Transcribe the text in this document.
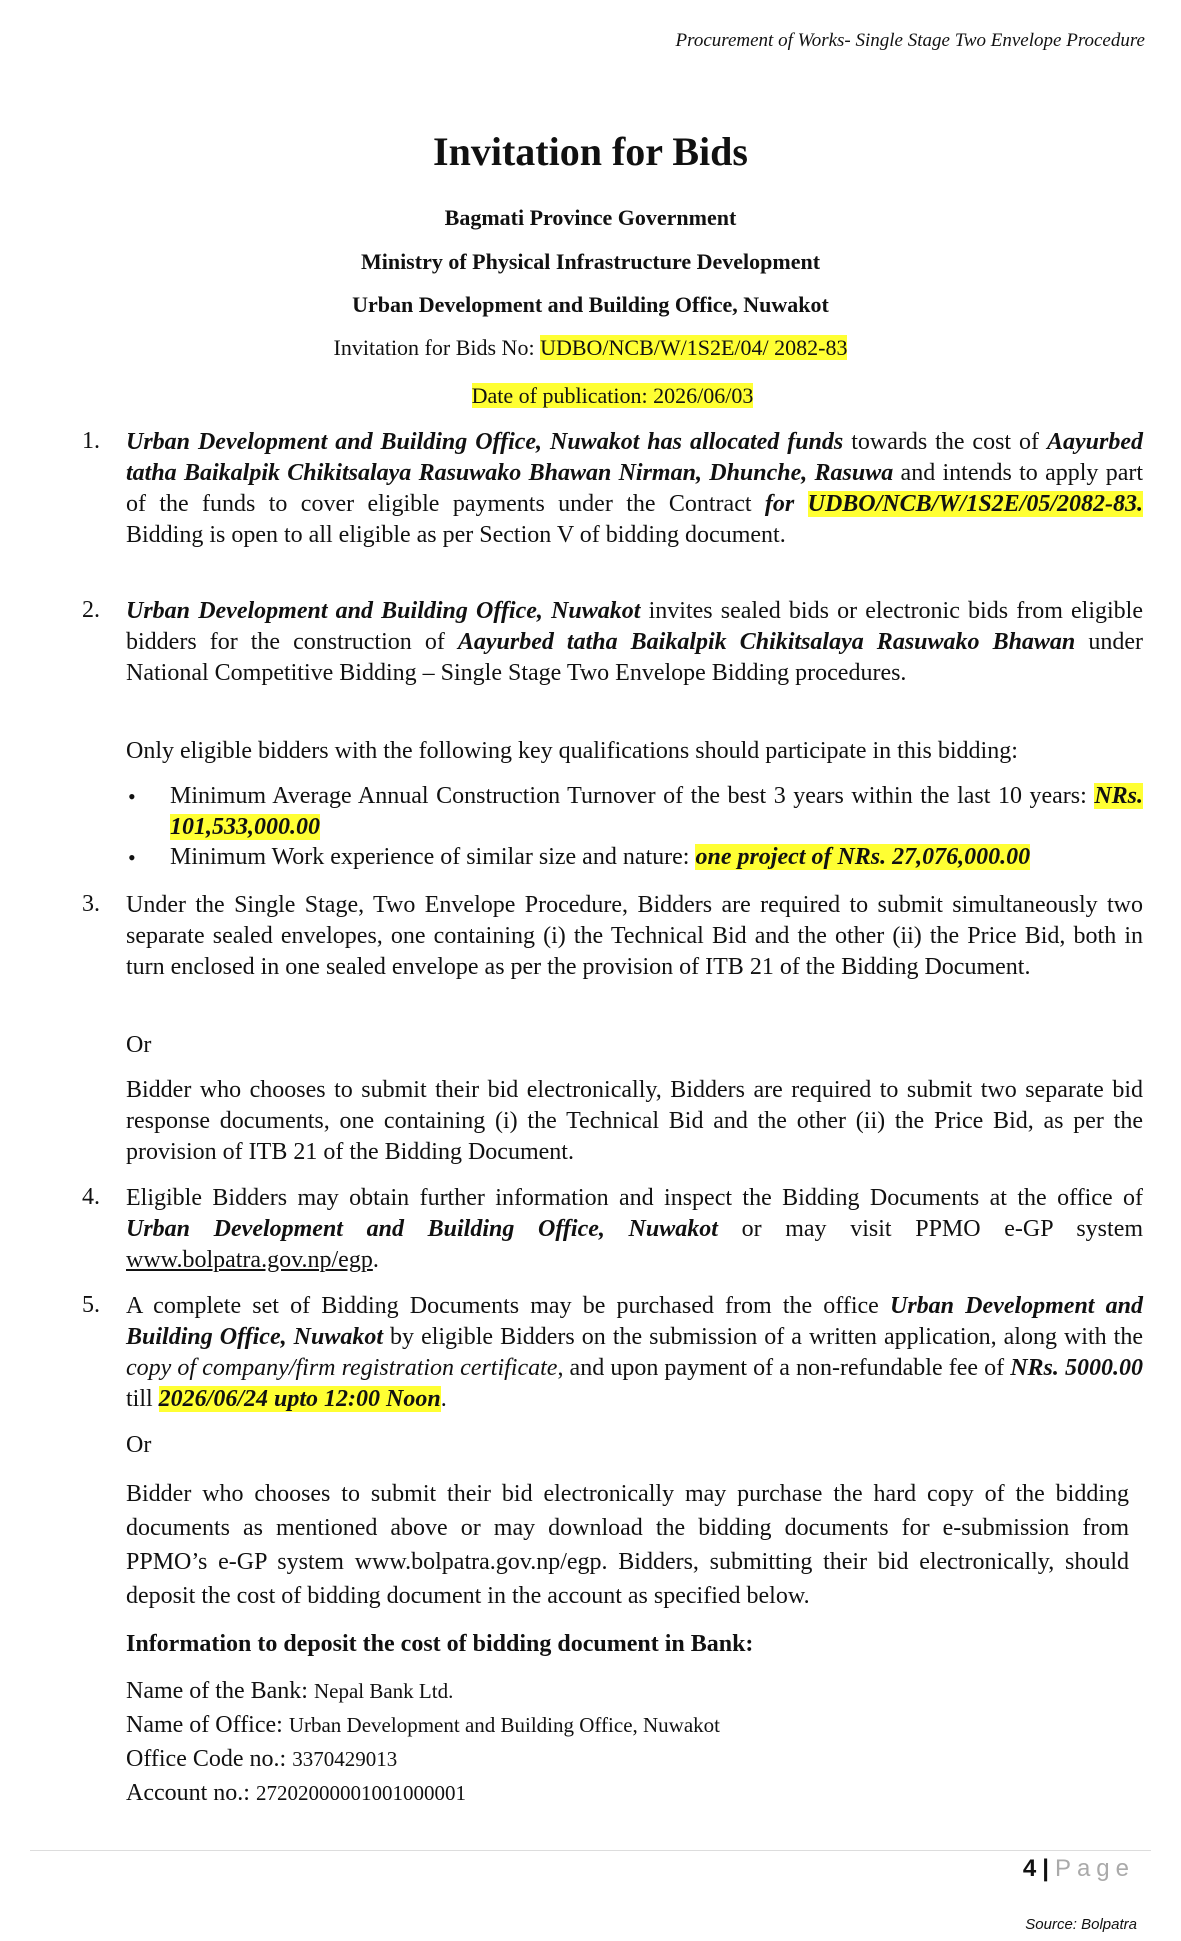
Procurement of Works- Single Stage Two Envelope Procedure
Invitation for Bids
Bagmati Province Government
Ministry of Physical Infrastructure Development
Urban Development and Building Office, Nuwakot
Invitation for Bids No: UDBO/NCB/W/1S2E/04/ 2082-83
Date of publication: 2026/06/03
1. Urban Development and Building Office, Nuwakot has allocated funds towards the cost of Aayurbed tatha Baikalpik Chikitsalaya Rasuwako Bhawan Nirman, Dhunche, Rasuwa and intends to apply part of the funds to cover eligible payments under the Contract for UDBO/NCB/W/1S2E/05/2082-83. Bidding is open to all eligible as per Section V of bidding document.
2. Urban Development and Building Office, Nuwakot invites sealed bids or electronic bids from eligible bidders for the construction of Aayurbed tatha Baikalpik Chikitsalaya Rasuwako Bhawan under National Competitive Bidding – Single Stage Two Envelope Bidding procedures.
Only eligible bidders with the following key qualifications should participate in this bidding:
• Minimum Average Annual Construction Turnover of the best 3 years within the last 10 years: NRs. 101,533,000.00
• Minimum Work experience of similar size and nature: one project of NRs. 27,076,000.00
3. Under the Single Stage, Two Envelope Procedure, Bidders are required to submit simultaneously two separate sealed envelopes, one containing (i) the Technical Bid and the other (ii) the Price Bid, both in turn enclosed in one sealed envelope as per the provision of ITB 21 of the Bidding Document.
Or
Bidder who chooses to submit their bid electronically, Bidders are required to submit two separate bid response documents, one containing (i) the Technical Bid and the other (ii) the Price Bid, as per the provision of ITB 21 of the Bidding Document.
4. Eligible Bidders may obtain further information and inspect the Bidding Documents at the office of Urban Development and Building Office, Nuwakot or may visit PPMO e-GP system www.bolpatra.gov.np/egp.
5. A complete set of Bidding Documents may be purchased from the office Urban Development and Building Office, Nuwakot by eligible Bidders on the submission of a written application, along with the copy of company/firm registration certificate, and upon payment of a non-refundable fee of NRs. 5000.00 till 2026/06/24 upto 12:00 Noon.
Or
Bidder who chooses to submit their bid electronically may purchase the hard copy of the bidding documents as mentioned above or may download the bidding documents for e-submission from PPMO’s e-GP system www.bolpatra.gov.np/egp. Bidders, submitting their bid electronically, should deposit the cost of bidding document in the account as specified below.
Information to deposit the cost of bidding document in Bank:
Name of the Bank: Nepal Bank Ltd.
Name of Office: Urban Development and Building Office, Nuwakot
Office Code no.: 3370429013
Account no.: 27202000001001000001
4 | Page
Source: Bolpatra
